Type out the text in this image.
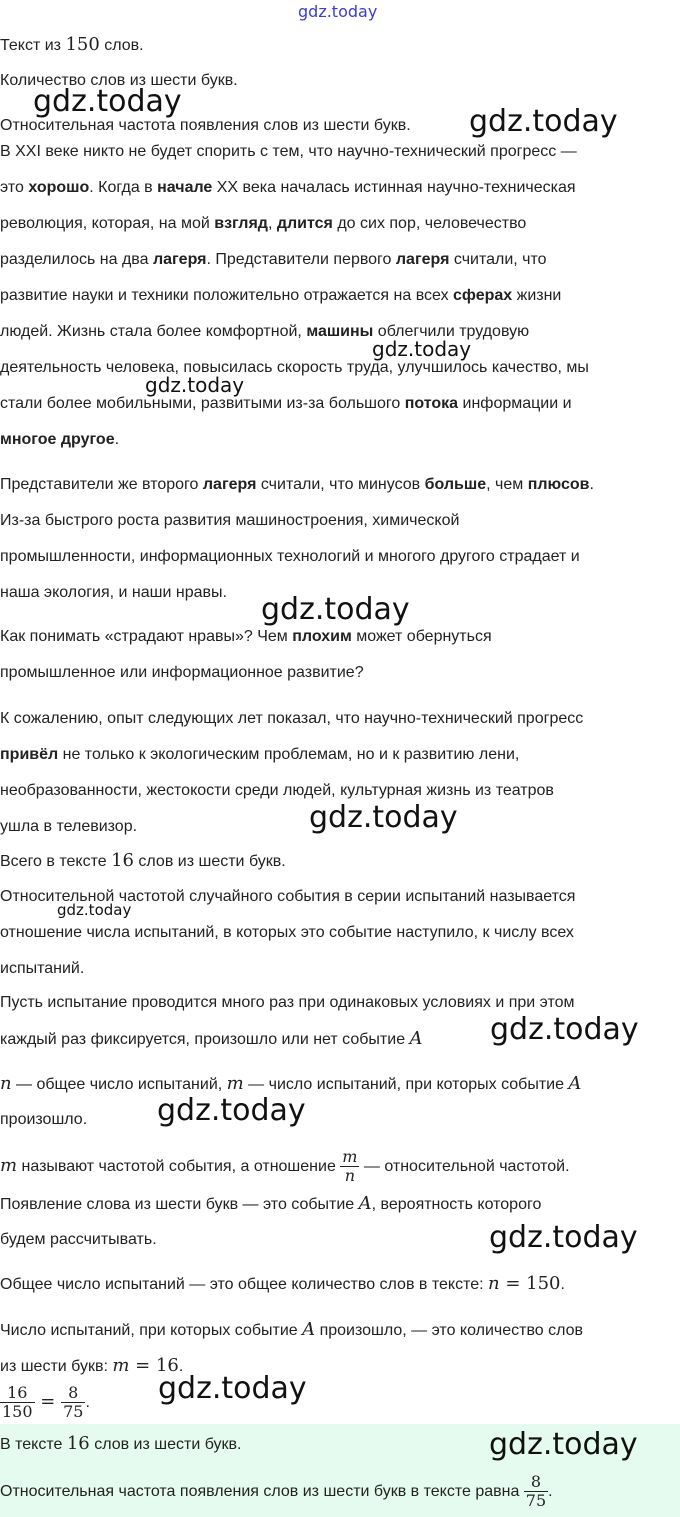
gdz.today

Текст из 150 слов.

Количество слов из шести букв.

Относительная частота появления слов из шести букв.

В XXI веке никто не будет спорить с тем, что научно-технический прогресс —

это хорошо. Когда в начале XX века началась истинная научно-техническая

революция, которая, на мой взгляд, длится до сих пор, человечество

разделилось на два лагеря. Представители первого лагеря считали, что

развитие науки и техники положительно отражается на всех сферах жизни

людей. Жизнь стала более комфортной, машины облегчили трудовую

деятельность человека, повысилась скорость труда, улучшилось качество, мы

стали более мобильными, развитыми из-за большого потока информации и

многое другое.

Представители же второго лагеря считали, что минусов больше, чем плюсов.

Из-за быстрого роста развития машиностроения, химической

промышленности, информационных технологий и многого другого страдает и

наша экология, и наши нравы.

Как понимать «страдают нравы»? Чем плохим может обернуться

промышленное или информационное развитие?

К сожалению, опыт следующих лет показал, что научно-технический прогресс

привёл не только к экологическим проблемам, но и к развитию лени,

необразованности, жестокости среди людей, культурная жизнь из театров

ушла в телевизор.

Всего в тексте 16 слов из шести букв.

Относительной частотой случайного события в серии испытаний называется

отношение числа испытаний, в которых это событие наступило, к числу всех

испытаний.

Пусть испытание проводится много раз при одинаковых условиях и при этом

каждый раз фиксируется, произошло или нет событие A

n — общее число испытаний, m — число испытаний, при которых событие A

произошло.

m называют частотой события, а отношение $\frac{m}{n}$ — относительной частотой.

Появление слова из шести букв — это событие A, вероятность которого

будем рассчитывать.

Общее число испытаний — это общее количество слов в тексте: n = 150.

Число испытаний, при которых событие A произошло, — это количество слов

из шести букв: m = 16.

$\frac{16}{150} = \frac{8}{75}$ .

В тексте 16 слов из шести букв.

Относительная частота появления слов из шести букв в тексте равна $\frac{8}{75}$ .

gdz.today
gdz.today
gdz.today
gdz.today
gdz.today
gdz.today
gdz.today
gdz.today
gdz.today
gdz.today
gdz.today
gdz.today
